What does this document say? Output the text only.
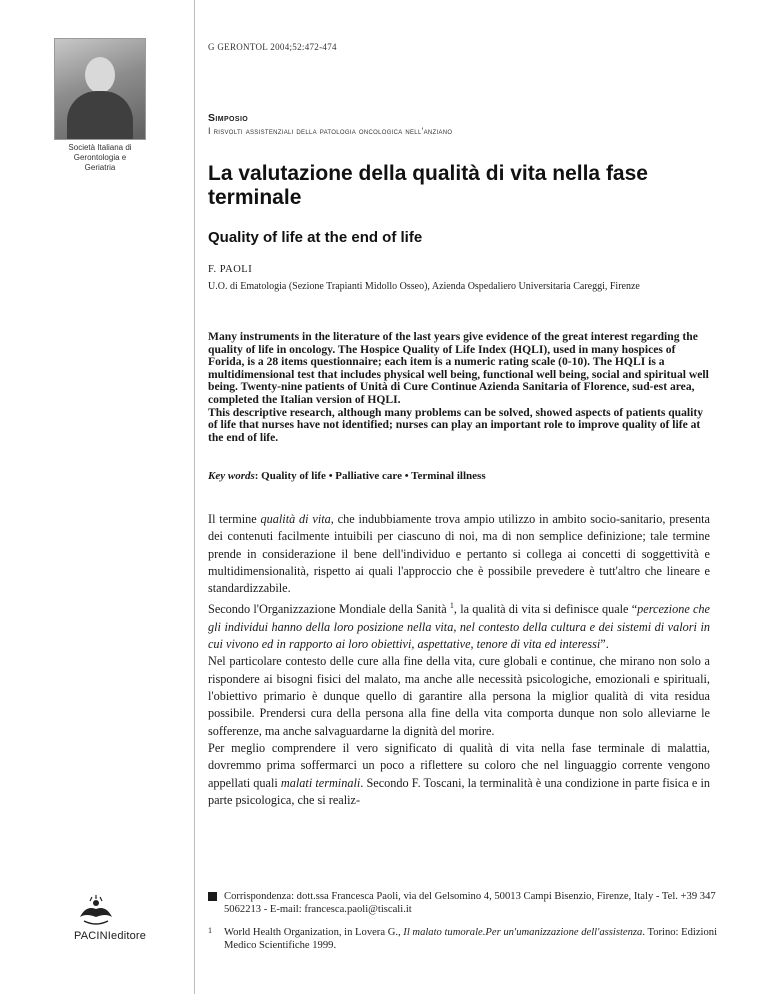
Società Italiana di
Gerontologia e
Geriatria
G GERONTOL 2004;52:472-474
Simposio
I risvolti assistenziali della patologia oncologica nell'anziano
La valutazione della qualità di vita nella fase terminale
Quality of life at the end of life
F. PAOLI
U.O. di Ematologia (Sezione Trapianti Midollo Osseo), Azienda Ospedaliero Universitaria Careggi, Firenze

Many instruments in the literature of the last years give evidence of the great interest regarding the quality of life in oncology. The Hospice Quality of Life Index (HQLI), used in many hospices of Forida, is a 28 items questionnaire; each item is a numeric rating scale (0-10). The HQLI is a multidimensional test that includes physical well being, functional well being, social and spiritual well being. Twenty-nine patients of Unità di Cure Continue Azienda Sanitaria of Florence, sud-est area, completed the Italian version of HQLI.

This descriptive research, although many problems can be solved, showed aspects of patients quality of life that nurses have not identified; nurses can play an important role to improve quality of life at the end of life.

Key words: Quality of life • Palliative care • Terminal illness

Il termine qualità di vita, che indubbiamente trova ampio utilizzo in ambito socio-sanitario, presenta dei contenuti facilmente intuibili per ciascuno di noi, ma di non semplice definizione; tale termine prende in considerazione il bene dell'individuo e pertanto si collega ai concetti di soggettività e multidimensionalità, rispetto ai quali l'approccio che è possibile prevedere è tutt'altro che lineare e standardizzabile.

Secondo l'Organizzazione Mondiale della Sanità $^1$, la qualità di vita si definisce quale “percezione che gli individui hanno della loro posizione nella vita, nel contesto della cultura e dei sistemi di valori in cui vivono ed in rapporto ai loro obiettivi, aspettative, tenore di vita ed interessi”.

Nel particolare contesto delle cure alla fine della vita, cure globali e continue, che mirano non solo a rispondere ai bisogni fisici del malato, ma anche alle necessità psicologiche, emozionali e spirituali, l'obiettivo primario è dunque quello di garantire alla persona la miglior qualità di vita residua possibile. Prendersi cura della persona alla fine della vita comporta dunque non solo alleviarne le sofferenze, ma anche salvaguardarne la dignità del morire.

Per meglio comprendere il vero significato di qualità di vita nella fase terminale di malattia, dovremmo prima soffermarci un poco a riflettere su coloro che nel linguaggio corrente vengono appellati quali malati terminali. Secondo F. Toscani, la terminalità è una condizione in parte fisica e in parte psicologica, che si realiz-

Corrispondenza: dott.ssa Francesca Paoli, via del Gelsomino 4, 50013 Campi Bisenzio, Firenze, Italy - Tel. +39 347 5062213 - E-mail: francesca.paoli@tiscali.it
1 World Health Organization, in Lovera G., Il malato tumorale.Per un'umanizzazione dell'assistenza. Torino: Edizioni Medico Scientifiche 1999.
PACINIeditore
